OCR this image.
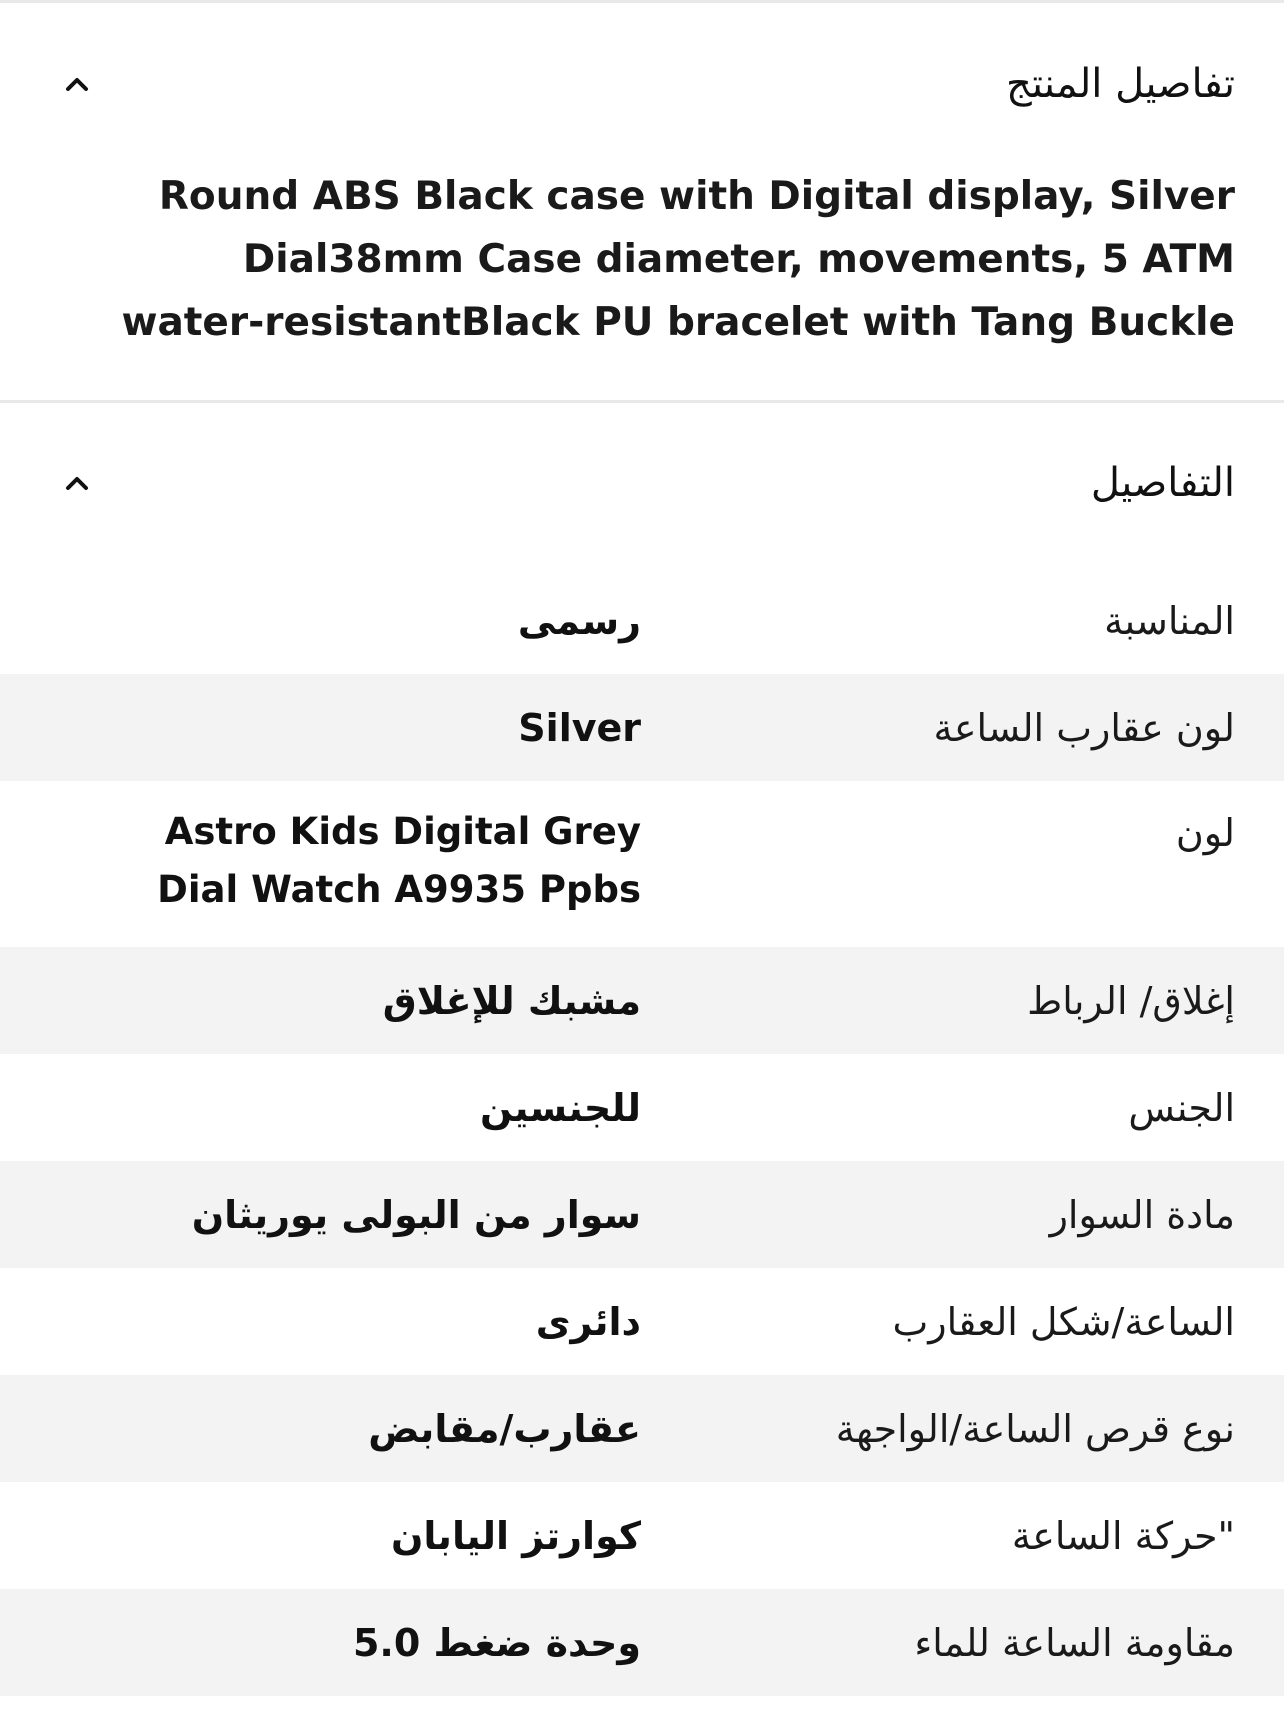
تفاصيل المنتج
Round ABS Black case with Digital display, Silver Dial38mm Case diameter, movements, 5 ATM water-resistantBlack PU bracelet with Tang Buckle
التفاصيل
المناسبة
رسمى
لون عقارب الساعة
Silver
لون
Astro Kids Digital Grey Dial Watch A9935 Ppbs
إغلاق/ الرباط
مشبك للإغلاق
الجنس
للجنسين
مادة السوار
سوار من البولى يوريثان
الساعة/شكل العقارب
دائرى
نوع قرص الساعة/الواجهة
عقارب/مقابض
"حركة الساعة
كوارتز اليابان
مقاومة الساعة للماء
5.0 وحدة ضغط
